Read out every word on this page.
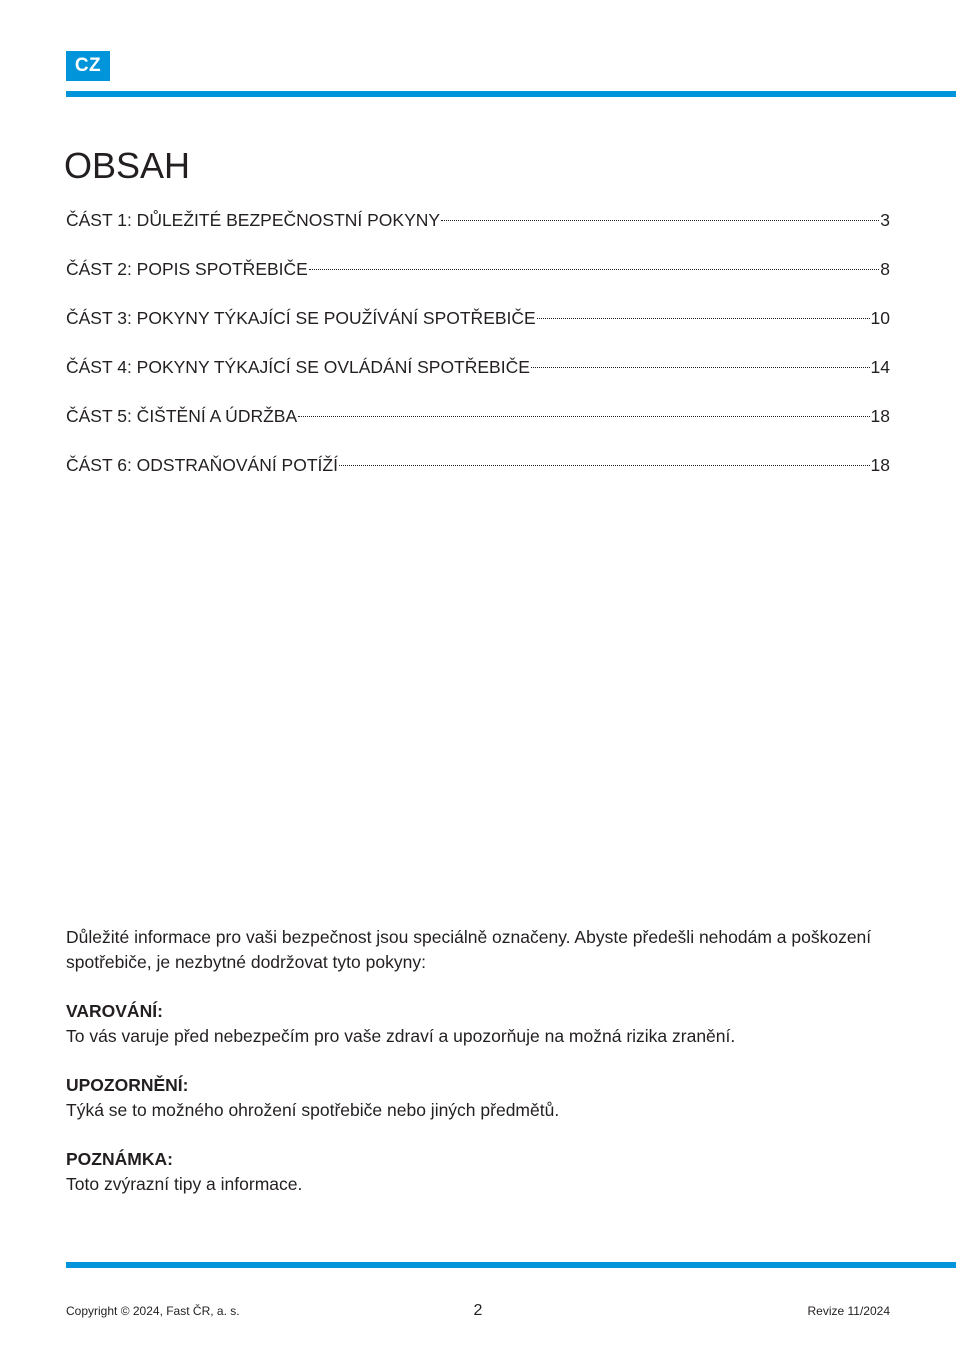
CZ
OBSAH
ČÁST 1: DŮLEŽITÉ BEZPEČNOSTNÍ POKYNY	3
ČÁST 2: POPIS SPOTŘEBIČE	8
ČÁST 3: POKYNY TÝKAJÍCÍ SE POUŽÍVÁNÍ SPOTŘEBIČE	10
ČÁST 4: POKYNY TÝKAJÍCÍ SE OVLÁDÁNÍ SPOTŘEBIČE	14
ČÁST 5: ČIŠTĚNÍ A ÚDRŽBA	18
ČÁST 6: ODSTRAŇOVÁNÍ POTÍŽÍ	18

Důležité informace pro vaši bezpečnost jsou speciálně označeny. Abyste předešli nehodám a poškození spotřebiče, je nezbytné dodržovat tyto pokyny:

VAROVÁNÍ:

To vás varuje před nebezpečím pro vaše zdraví a upozorňuje na možná rizika zranění.

UPOZORNĚNÍ:

Týká se to možného ohrožení spotřebiče nebo jiných předmětů.

POZNÁMKA:

Toto zvýrazní tipy a informace.

Copyright © 2024, Fast ČR, a. s.	2	Revize 11/2024
